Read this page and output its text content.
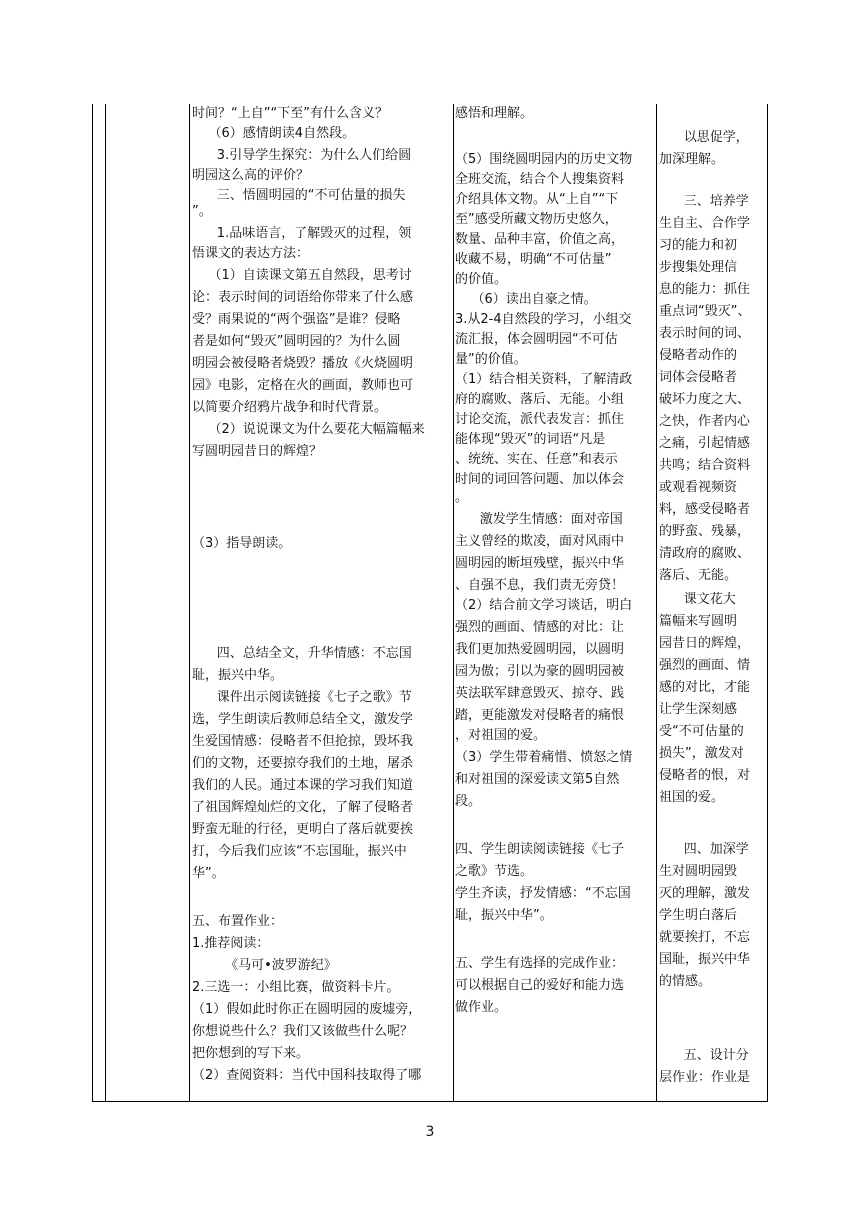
时间？“上自”“下至”有什么含义？

（6）感情朗读4自然段。

3.引导学生探究：为什么人们给圆

明园这么高的评价？

三、悟圆明园的“不可估量的损失

”。

1.品味语言，了解毁灭的过程，领

悟课文的表达方法：

（1）自读课文第五自然段，思考讨

论：表示时间的词语给你带来了什么感

受？雨果说的“两个强盗”是谁？侵略

者是如何“毁灭”圆明园的？为什么圆

明园会被侵略者烧毁？播放《火烧圆明

园》电影，定格在火的画面，教师也可

以简要介绍鸦片战争和时代背景。

（2）说说课文为什么要花大幅篇幅来

写圆明园昔日的辉煌？

（3）指导朗读。

四、总结全文，升华情感：不忘国

耻，振兴中华。

课件出示阅读链接《七子之歌》节

选，学生朗读后教师总结全文，激发学

生爱国情感：侵略者不但抢掠，毁坏我

们的文物，还要掠夺我们的土地，屠杀

我们的人民。通过本课的学习我们知道

了祖国辉煌灿烂的文化，了解了侵略者

野蛮无耻的行径，更明白了落后就要挨

打，今后我们应该“不忘国耻，振兴中

华”。

五、布置作业：

1.推荐阅读：

《马可•波罗游纪》

2.三选一：小组比赛，做资料卡片。

（1）假如此时你正在圆明园的废墟旁，

你想说些什么？我们又该做些什么呢？

把你想到的写下来。

（2）查阅资料：当代中国科技取得了哪

感悟和理解。

（5）围绕圆明园内的历史文物

全班交流，结合个人搜集资料

介绍具体文物。从“上自”“下

至”感受所藏文物历史悠久，

数量、品种丰富，价值之高，

收藏不易，明确“不可估量”

的价值。

（6）读出自豪之情。

3.从2-4自然段的学习，小组交

流汇报，体会圆明园“不可估

量”的价值。

（1）结合相关资料，了解清政

府的腐败、落后、无能。小组

讨论交流，派代表发言：抓住

能体现“毁灭”的词语“凡是

、统统、实在、任意”和表示

时间的词回答问题、加以体会

。

激发学生情感：面对帝国

主义曾经的欺凌，面对风雨中

圆明园的断垣残壁，振兴中华

、自强不息，我们责无旁贷！

（2）结合前文学习谈话，明白

强烈的画面、情感的对比：让

我们更加热爱圆明园，以圆明

园为傲；引以为豪的圆明园被

英法联军肆意毁灭、掠夺、践

踏，更能激发对侵略者的痛恨

，对祖国的爱。

（3）学生带着痛惜、愤怒之情

和对祖国的深爱读文第5自然

段。

四、学生朗读阅读链接《七子

之歌》节选。

学生齐读，抒发情感：“不忘国

耻，振兴中华”。

五、学生有选择的完成作业：

可以根据自己的爱好和能力选

做作业。

以思促学，

加深理解。

三、培养学

生自主、合作学

习的能力和初

步搜集处理信

息的能力：抓住

重点词“毁灭”、

表示时间的词、

侵略者动作的

词体会侵略者

破坏力度之大、

之快，作者内心

之痛，引起情感

共鸣；结合资料

或观看视频资

料，感受侵略者

的野蛮、残暴，

清政府的腐败、

落后、无能。

课文花大

篇幅来写圆明

园昔日的辉煌，

强烈的画面、情

感的对比，才能

让学生深刻感

受“不可估量的

损失”，激发对

侵略者的恨，对

祖国的爱。

四、加深学

生对圆明园毁

灭的理解，激发

学生明白落后

就要挨打，不忘

国耻，振兴中华

的情感。

五、设计分

层作业：作业是

3
